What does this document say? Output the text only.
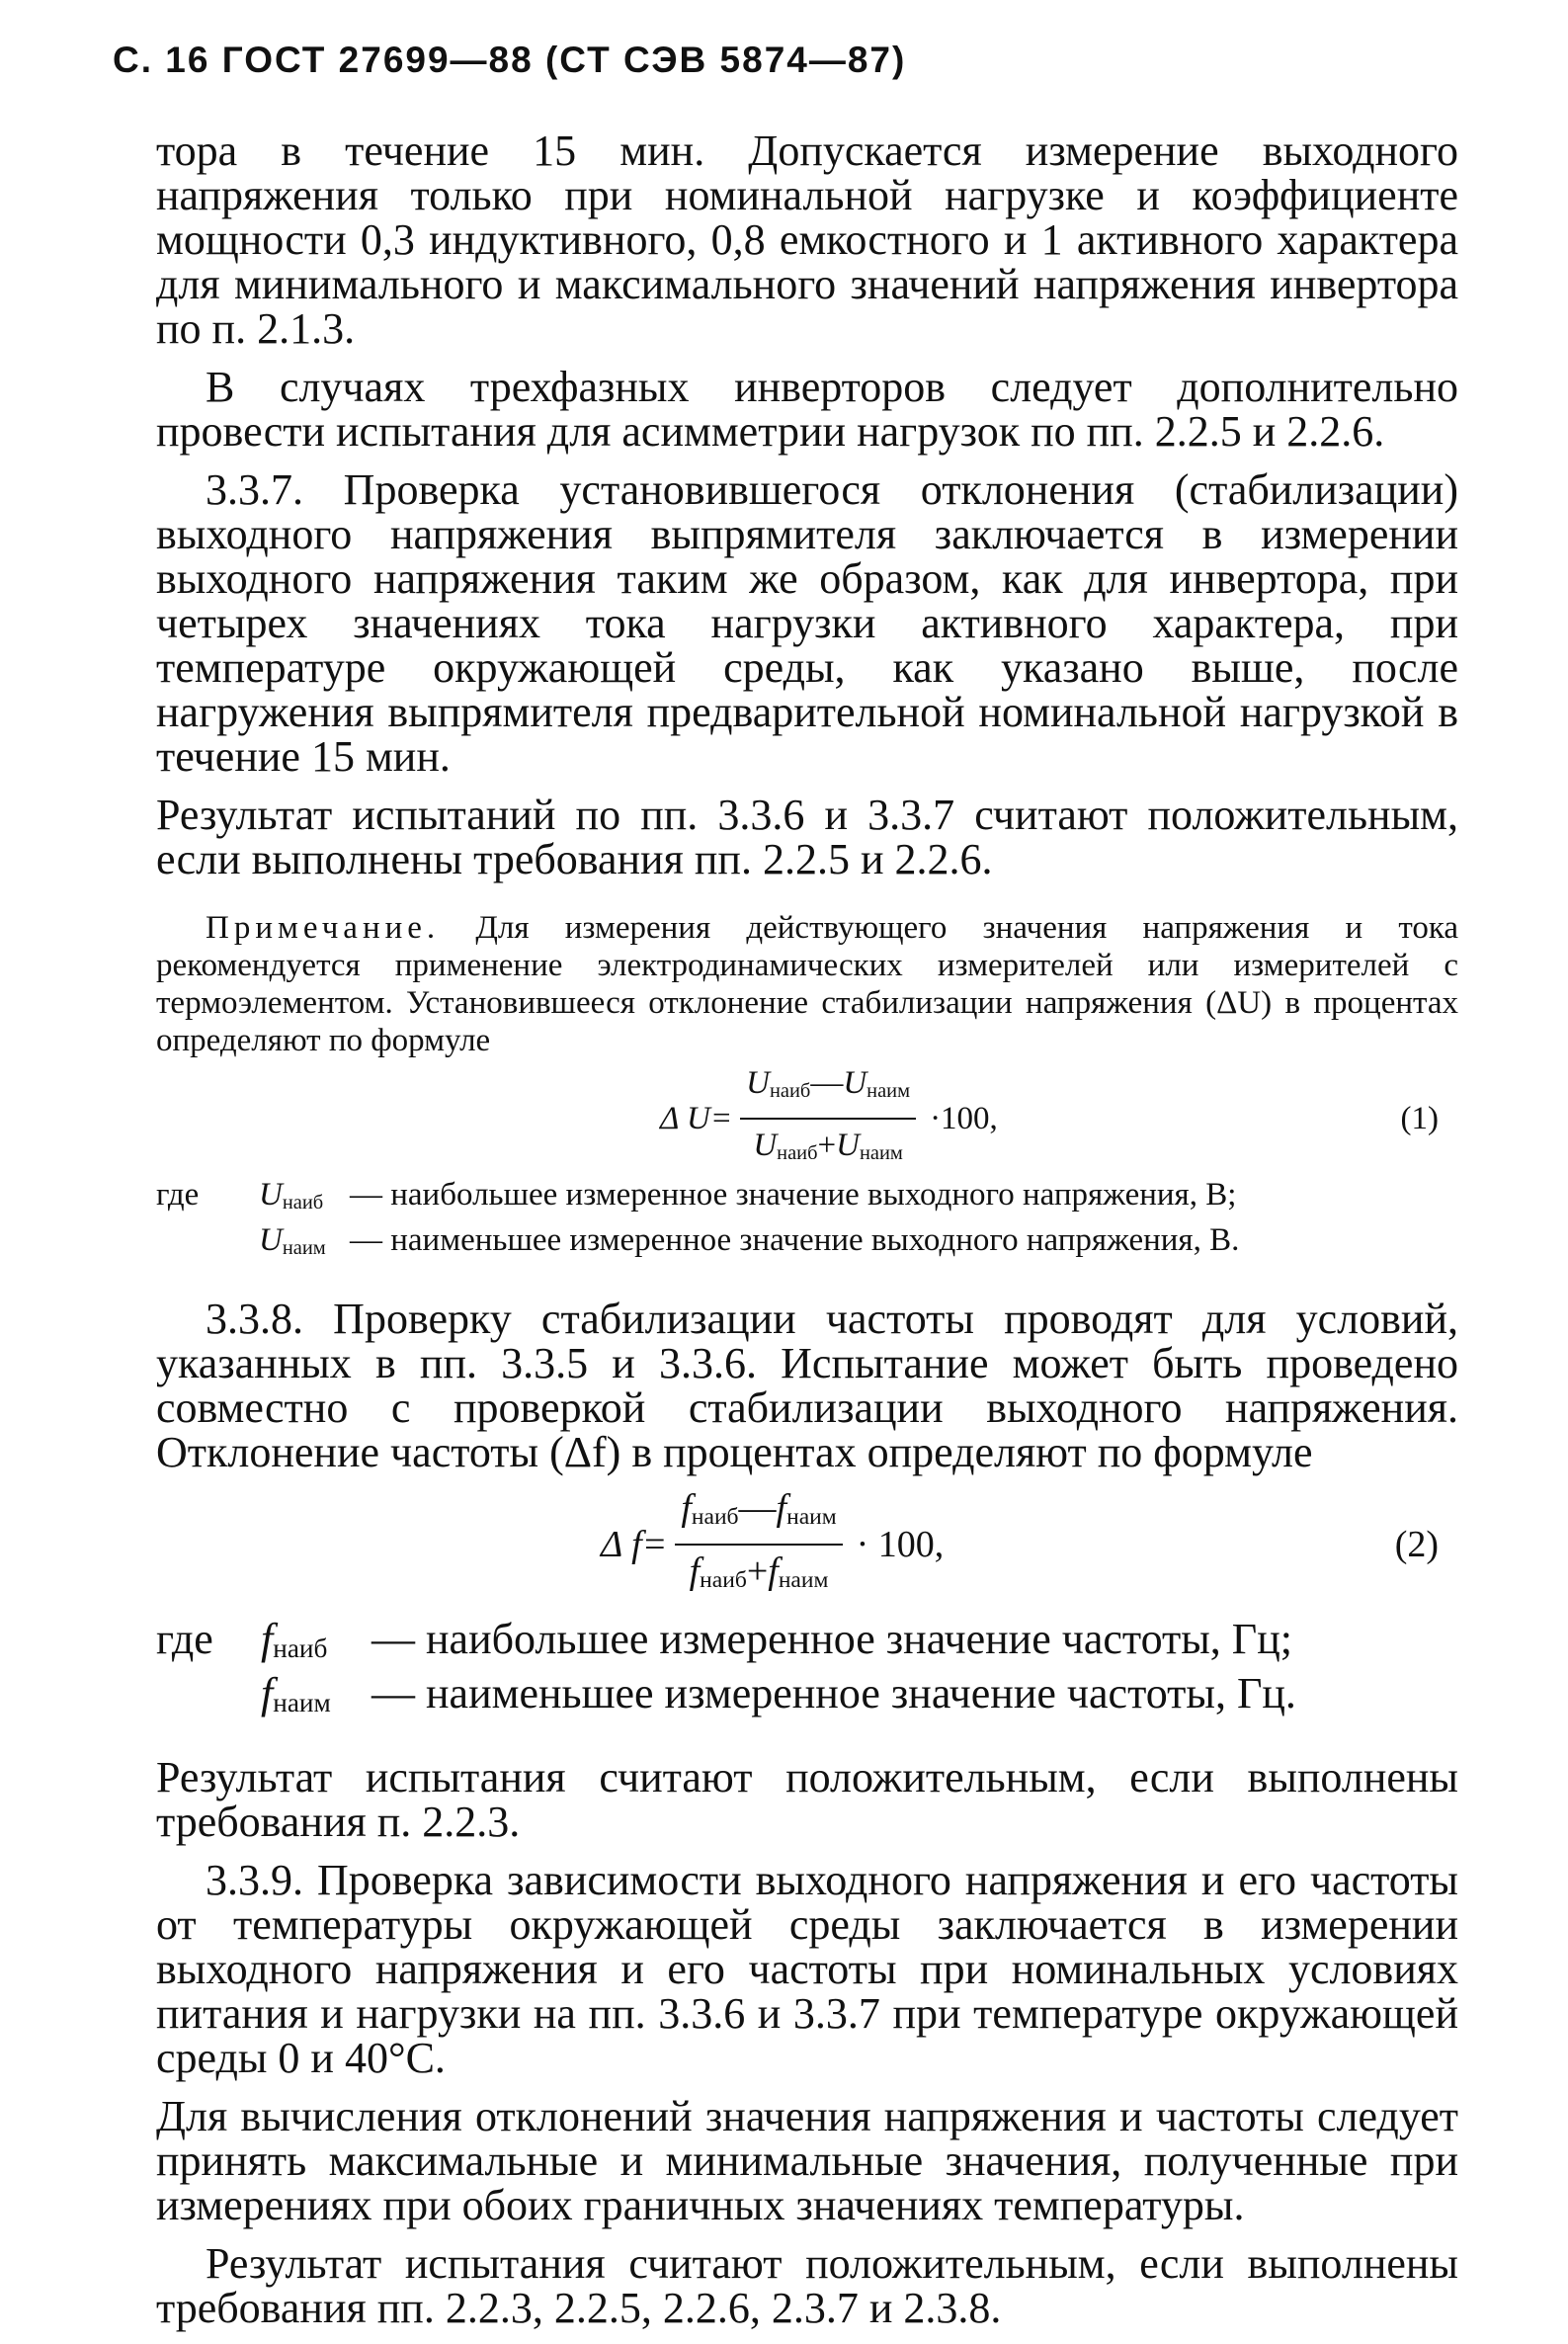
С. 16 ГОСТ 27699—88 (СТ СЭВ 5874—87)

тора в течение 15 мин. Допускается измерение выходного напряжения только при номинальной нагрузке и коэффициенте мощности 0,3 индуктивного, 0,8 емкостного и 1 активного характера для минимального и максимального значений напряжения инвертора по п. 2.1.3.

В случаях трехфазных инверторов следует дополнительно провести испытания для асимметрии нагрузок по пп. 2.2.5 и 2.2.6.

3.3.7. Проверка установившегося отклонения (стабилизации) выходного напряжения выпрямителя заключается в измерении выходного напряжения таким же образом, как для инвертора, при четырех значениях тока нагрузки активного характера, при температуре окружающей среды, как указано выше, после нагружения выпрямителя предварительной номинальной нагрузкой в течение 15 мин.

Результат испытаний по пп. 3.3.6 и 3.3.7 считают положительным, если выполнены требования пп. 2.2.5 и 2.2.6.

Примечание. Для измерения действующего значения напряжения и тока рекомендуется применение электродинамических измерителей или измерителей с термоэлементом. Установившееся отклонение стабилизации напряжения (ΔU) в процентах определяют по формуле

Δ $U= \frac{U_{наиб}—U_{наим}}{U_{наиб}+U_{наим}} \cdot 100$,	(1)
где	$U_{наиб}$ — наибольшее измеренное значение выходного напряжения, В;
$U_{наим}$ — наименьшее измеренное значение выходного напряжения, В.

3.3.8. Проверку стабилизации частоты проводят для условий, указанных в пп. 3.3.5 и 3.3.6. Испытание может быть проведено совместно с проверкой стабилизации выходного напряжения. Отклонение частоты (Δf) в процентах определяют по формуле

Δ $f= \frac{f_{наиб}—f_{наим}}{f_{наиб}+f_{наим}} \cdot 100$,	(2)
где	$f_{наиб}$	— наибольшее измеренное значение частоты, Гц;
$f_{наим}$ — наименьшее измеренное значение частоты, Гц.

Результат испытания считают положительным, если выполнены требования п. 2.2.3.

3.3.9. Проверка зависимости выходного напряжения и его частоты от температуры окружающей среды заключается в измерении выходного напряжения и его частоты при номинальных условиях питания и нагрузки на пп. 3.3.6 и 3.3.7 при температуре окружающей среды 0 и 40°С.

Для вычисления отклонений значения напряжения и частоты следует принять максимальные и минимальные значения, полученные при измерениях при обоих граничных значениях температуры.

Результат испытания считают положительным, если выполнены требования пп. 2.2.3, 2.2.5, 2.2.6, 2.3.7 и 2.3.8.
